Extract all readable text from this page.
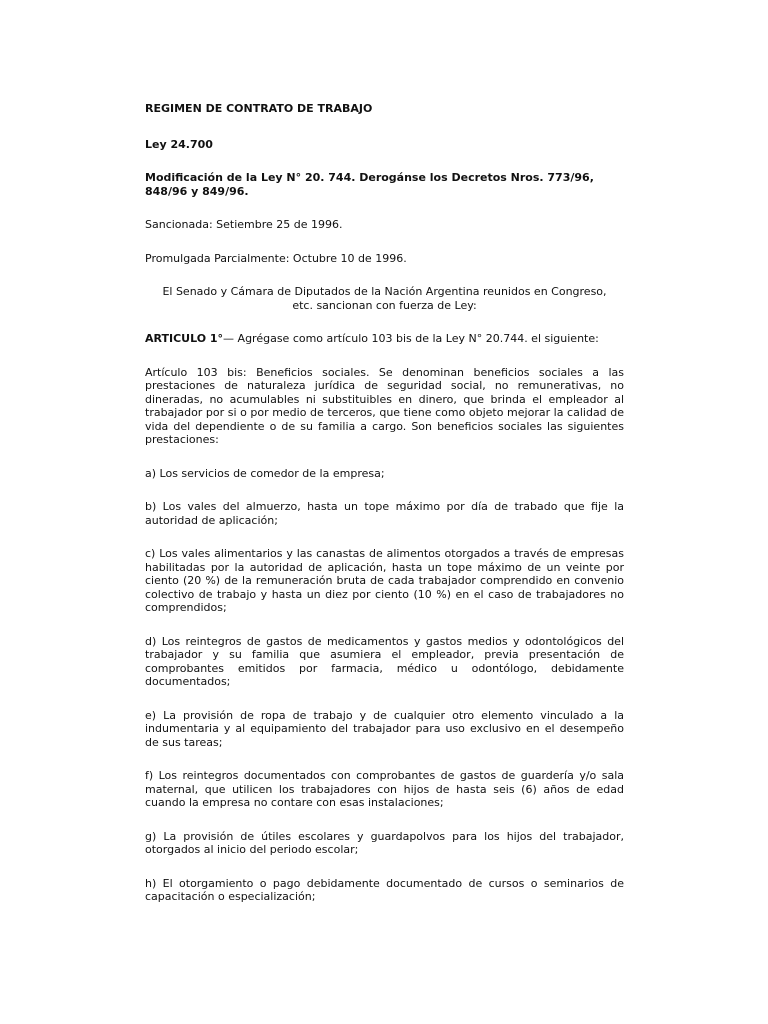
REGIMEN DE CONTRATO DE TRABAJO

Ley 24.700

Modificación de la Ley N° 20. 744. Derogánse los Decretos Nros. 773/96, 848/96 y 849/96.

Sancionada: Setiembre 25 de 1996.

Promulgada Parcialmente: Octubre 10 de 1996.

El Senado y Cámara de Diputados de la Nación Argentina reunidos en Congreso,
etc. sancionan con fuerza de Ley:

ARTICULO 1°— Agrégase como artículo 103 bis de la Ley N° 20.744. el siguiente:

Artículo 103 bis: Beneficios sociales. Se denominan beneficios sociales a las prestaciones de naturaleza jurídica de seguridad social, no remunerativas, no dineradas, no acumulables ni substituibles en dinero, que brinda el empleador al trabajador por si o por medio de terceros, que tiene como objeto mejorar la calidad de vida del dependiente o de su familia a cargo. Son beneficios sociales las siguientes prestaciones:

a) Los servicios de comedor de la empresa;

b) Los vales del almuerzo, hasta un tope máximo por día de trabado que fije la autoridad de aplicación;

c) Los vales alimentarios y las canastas de alimentos otorgados a través de empresas habilitadas por la autoridad de aplicación, hasta un tope máximo de un veinte por ciento (20 %) de la remuneración bruta de cada trabajador comprendido en convenio colectivo de trabajo y hasta un diez por ciento (10 %) en el caso de trabajadores no comprendidos;

d) Los reintegros de gastos de medicamentos y gastos medios y odontológicos del trabajador y su familia que asumiera el empleador, previa presentación de comprobantes emitidos por farmacia, médico u odontólogo, debidamente documentados;

e) La provisión de ropa de trabajo y de cualquier otro elemento vinculado a la indumentaria y al equipamiento del trabajador para uso exclusivo en el desempeño de sus tareas;

f) Los reintegros documentados con comprobantes de gastos de guardería y/o sala maternal, que utilicen los trabajadores con hijos de hasta seis (6) años de edad cuando la empresa no contare con esas instalaciones;

g) La provisión de útiles escolares y guardapolvos para los hijos del trabajador, otorgados al inicio del periodo escolar;

h) El otorgamiento o pago debidamente documentado de cursos o seminarios de capacitación o especialización;
